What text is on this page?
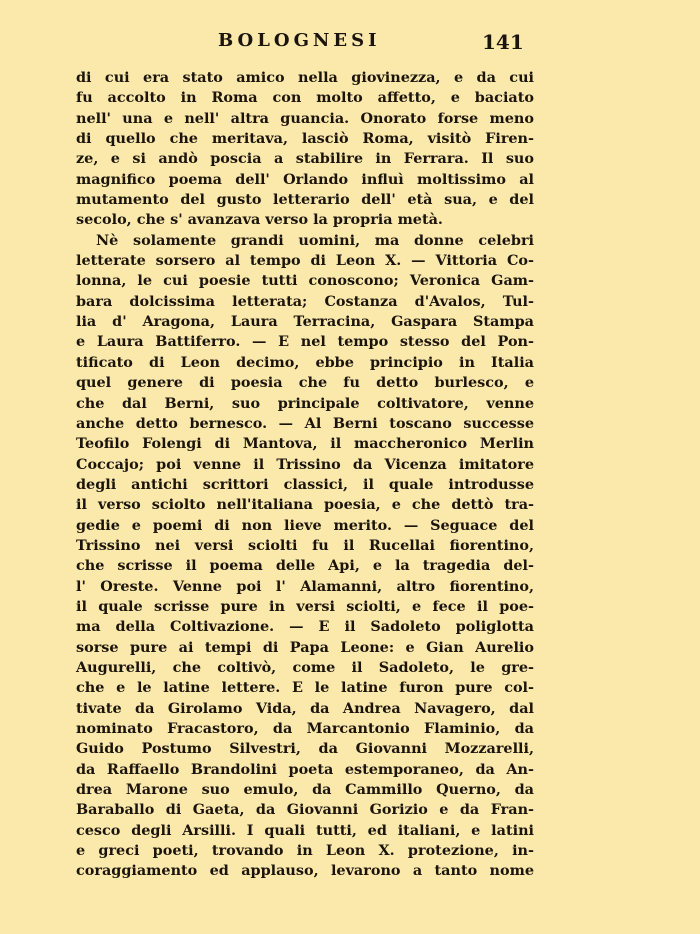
BOLOGNESI	141
di cui era stato amico nella giovinezza, e da cui
fu accolto in Roma con molto affetto, e baciato
nell' una e nell' altra guancia. Onorato forse meno
di quello che meritava, lasciò Roma, visitò Firen-
ze, e si andò poscia a stabilire in Ferrara. Il suo
magnifico poema dell' Orlando influì moltissimo al
mutamento del gusto letterario dell' età sua, e del
secolo, che s' avanzava verso la propria metà.
Nè solamente grandi uomini, ma donne celebri
letterate sorsero al tempo di Leon X. — Vittoria Co-
lonna, le cui poesie tutti conoscono; Veronica Gam-
bara dolcissima letterata; Costanza d'Avalos, Tul-
lia d' Aragona, Laura Terracina, Gaspara Stampa
e Laura Battiferro. — E nel tempo stesso del Pon-
tificato di Leon decimo, ebbe principio in Italia
quel genere di poesia che fu detto burlesco, e
che dal Berni, suo principale coltivatore, venne
anche detto bernesco. — Al Berni toscano successe
Teofilo Folengi di Mantova, il maccheronico Merlin
Coccajo; poi venne il Trissino da Vicenza imitatore
degli antichi scrittori classici, il quale introdusse
il verso sciolto nell'italiana poesia, e che dettò tra-
gedie e poemi di non lieve merito. — Seguace del
Trissino nei versi sciolti fu il Rucellai fiorentino,
che scrisse il poema delle Api, e la tragedia del-
l' Oreste. Venne poi l' Alamanni, altro fiorentino,
il quale scrisse pure in versi sciolti, e fece il poe-
ma della Coltivazione. — E il Sadoleto poliglotta
sorse pure ai tempi di Papa Leone: e Gian Aurelio
Augurelli, che coltivò, come il Sadoleto, le gre-
che e le latine lettere. E le latine furon pure col-
tivate da Girolamo Vida, da Andrea Navagero, dal
nominato Fracastoro, da Marcantonio Flaminio, da
Guido Postumo Silvestri, da Giovanni Mozzarelli,
da Raffaello Brandolini poeta estemporaneo, da An-
drea Marone suo emulo, da Cammillo Querno, da
Baraballo di Gaeta, da Giovanni Gorizio e da Fran-
cesco degli Arsilli. I quali tutti, ed italiani, e latini
e greci poeti, trovando in Leon X. protezione, in-
coraggiamento ed applauso, levarono a tanto nome
